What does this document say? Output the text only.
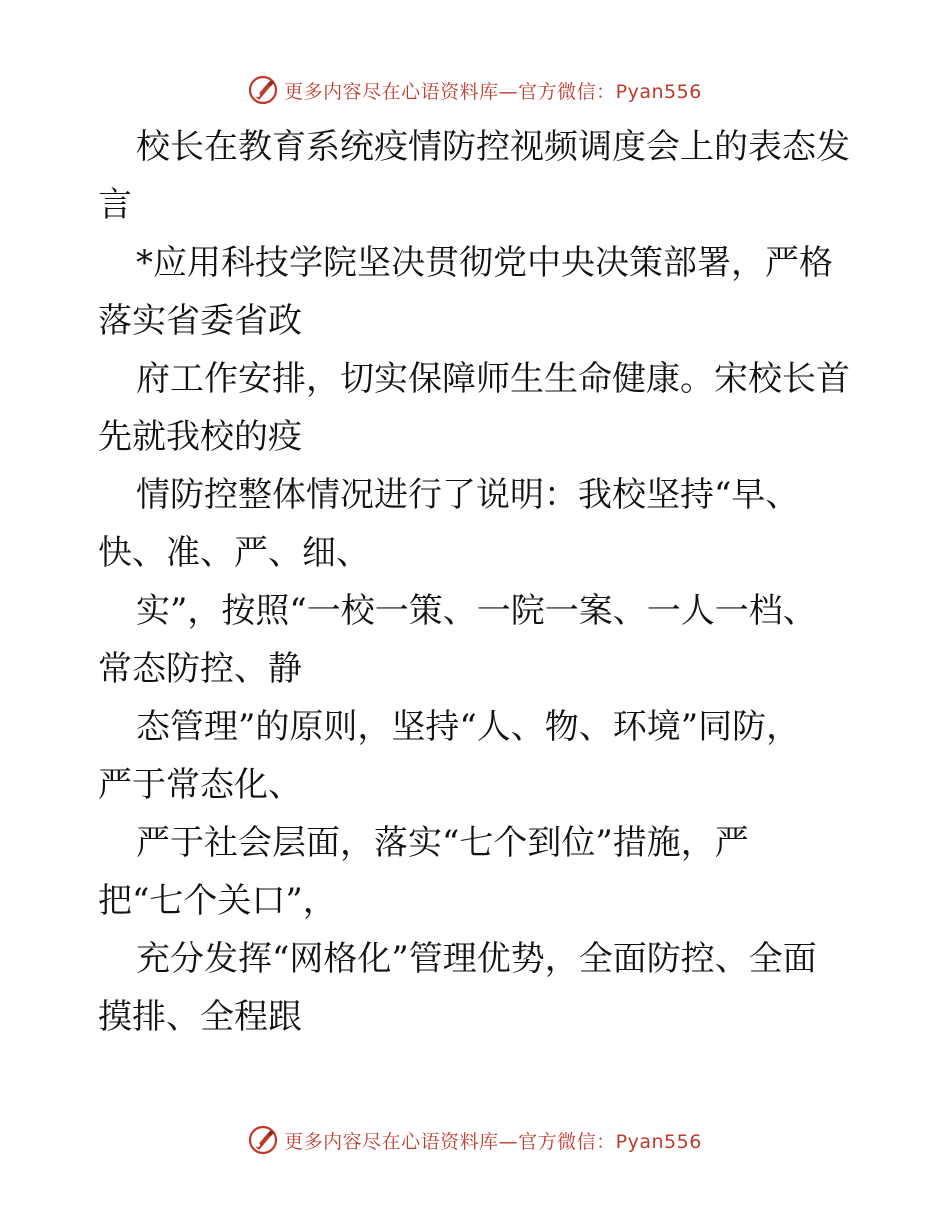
更多内容尽在心语资料库— 官方微信：Pyan556

校长在教育系统疫情防控视频调度会上的表态发
言

*应用科技学院坚决贯彻党中央决策部署，严格
落实省委省政

府工作安排，切实保障师生生命健康。宋校长首
先就我校的疫

情防控整体情况进行了说明：我校坚持“早、
快、准、严、细、

实”，按照“一校一策、一院一案、一人一档、
常态防控、静

态管理”的原则，坚持“人、物、环境”同防，
严于常态化、

严于社会层面，落实“七个到位”措施，严
把“七个关口”，

充分发挥“网格化”管理优势，全面防控、全面
摸排、全程跟

更多内容尽在心语资料库— 官方微信：Pyan556
